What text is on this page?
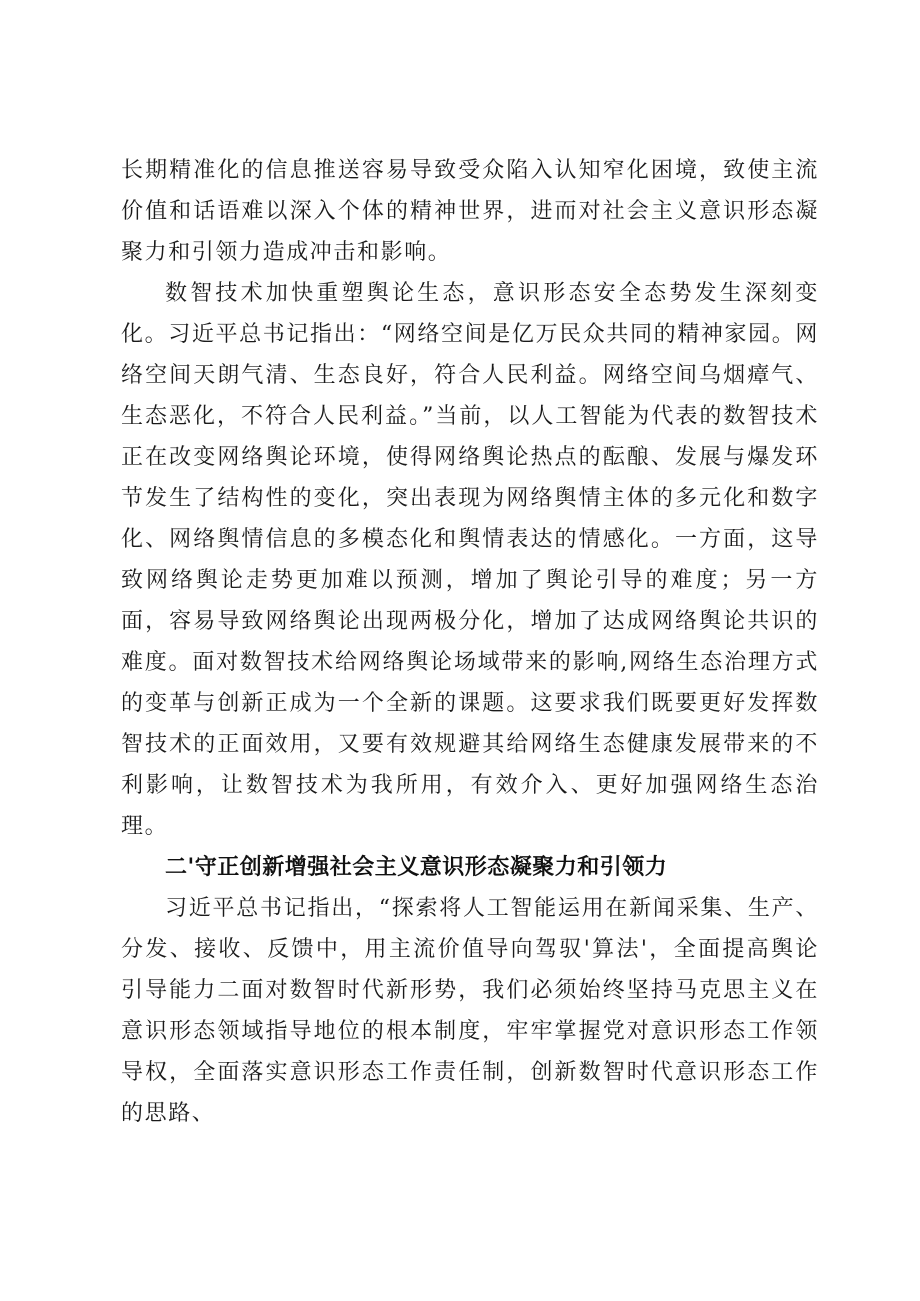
长期精准化的信息推送容易导致受众陷入认知窄化困境，致使主流价值和话语难以深入个体的精神世界，进而对社会主义意识形态凝聚力和引领力造成冲击和影响。

数智技术加快重塑舆论生态，意识形态安全态势发生深刻变化。习近平总书记指出：“网络空间是亿万民众共同的精神家园。网络空间天朗气清、生态良好，符合人民利益。网络空间乌烟瘴气、生态恶化，不符合人民利益。”当前，以人工智能为代表的数智技术正在改变网络舆论环境，使得网络舆论热点的酝酿、发展与爆发环节发生了结构性的变化，突出表现为网络舆情主体的多元化和数字化、网络舆情信息的多模态化和舆情表达的情感化。一方面，这导致网络舆论走势更加难以预测，增加了舆论引导的难度；另一方面，容易导致网络舆论出现两极分化，增加了达成网络舆论共识的难度。面对数智技术给网络舆论场域带来的影响,网络生态治理方式的变革与创新正成为一个全新的课题。这要求我们既要更好发挥数智技术的正面效用，又要有效规避其给网络生态健康发展带来的不利影响，让数智技术为我所用，有效介入、更好加强网络生态治理。

二'守正创新增强社会主义意识形态凝聚力和引领力

习近平总书记指出，“探索将人工智能运用在新闻采集、生产、分发、接收、反馈中，用主流价值导向驾驭'算法'，全面提高舆论引导能力二面对数智时代新形势，我们必须始终坚持马克思主义在意识形态领域指导地位的根本制度，牢牢掌握党对意识形态工作领导权，全面落实意识形态工作责任制，创新数智时代意识形态工作的思路、
